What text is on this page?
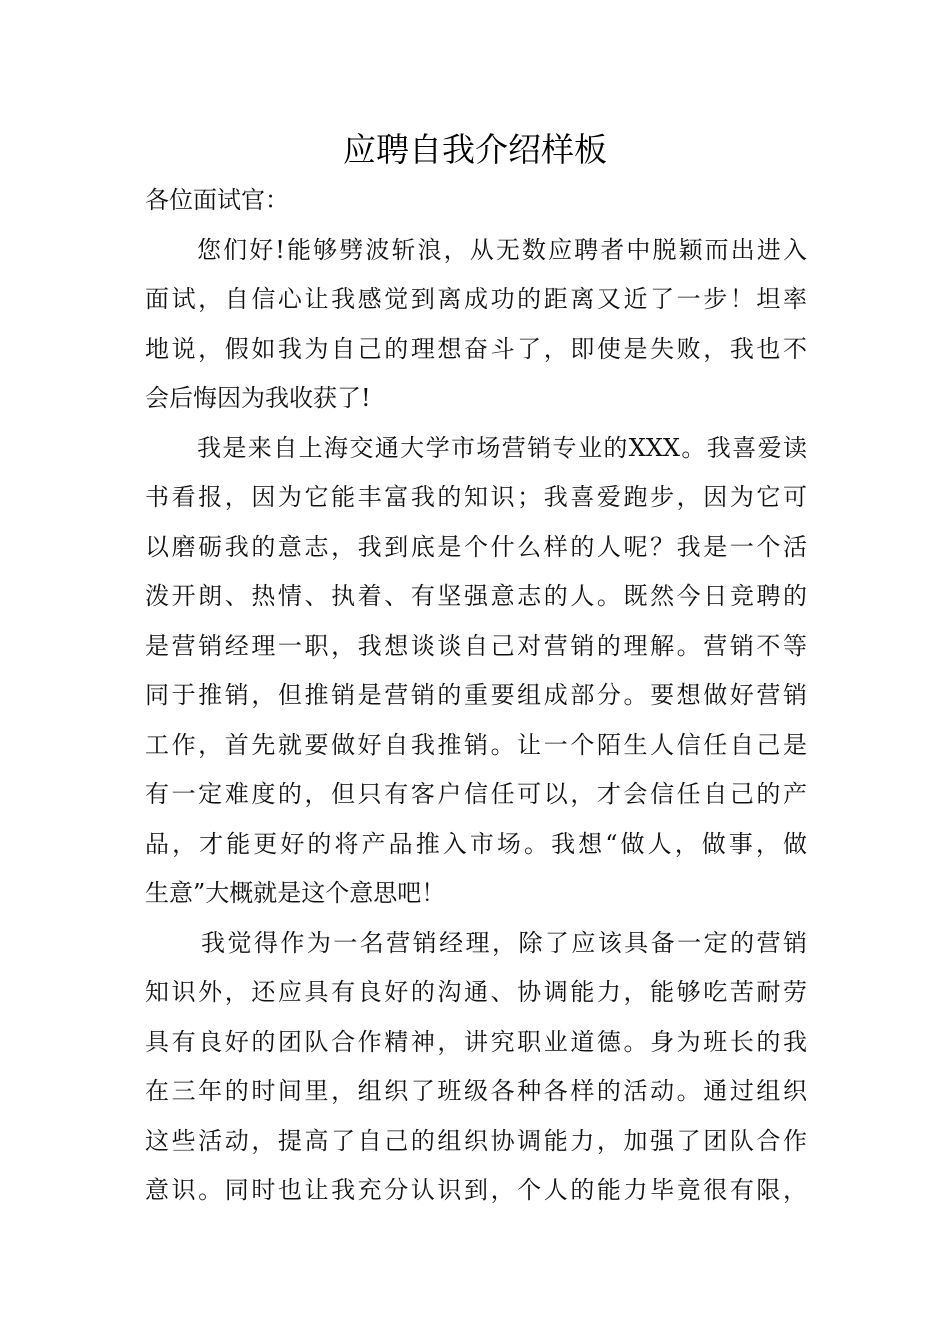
应聘自我介绍样板
各位面试官：
您们好!能够劈波斩浪，从无数应聘者中脱颖而出进入
面试，自信心让我感觉到离成功的距离又近了一步！坦率
地说，假如我为自己的理想奋斗了，即使是失败，我也不
会后悔因为我收获了!
我是来自上海交通大学市场营销专业的XXX。我喜爱读
书看报，因为它能丰富我的知识；我喜爱跑步，因为它可
以磨砺我的意志，我到底是个什么样的人呢？我是一个活
泼开朗、热情、执着、有坚强意志的人。既然今日竞聘的
是营销经理一职，我想谈谈自己对营销的理解。营销不等
同于推销，但推销是营销的重要组成部分。要想做好营销
工作，首先就要做好自我推销。让一个陌生人信任自己是
有一定难度的，但只有客户信任可以，才会信任自己的产
品，才能更好的将产品推入市场。我想“做人，做事，做
生意”大概就是这个意思吧！
我觉得作为一名营销经理，除了应该具备一定的营销
知识外，还应具有良好的沟通、协调能力，能够吃苦耐劳
具有良好的团队合作精神，讲究职业道德。身为班长的我
在三年的时间里，组织了班级各种各样的活动。通过组织
这些活动，提高了自己的组织协调能力，加强了团队合作
意识。同时也让我充分认识到，个人的能力毕竟很有限，
